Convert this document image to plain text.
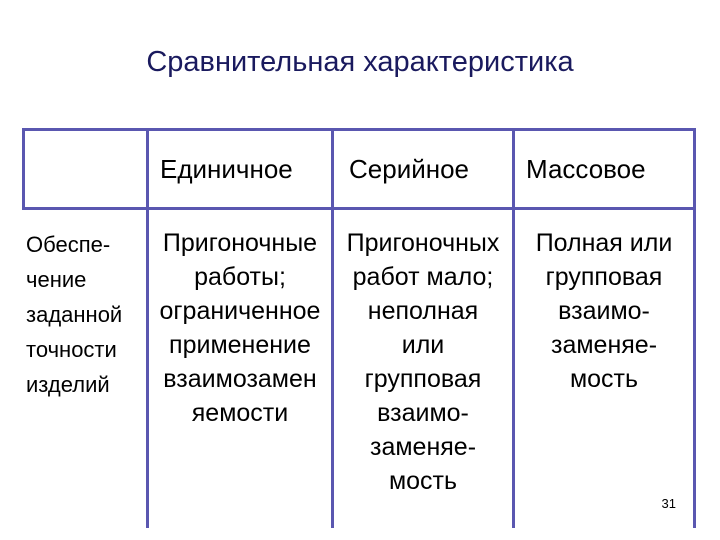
Сравнительная характеристика
Единичное Серийное Массовое
Обеспе-
чение
заданной
точности
изделий
Пригоночные
работы;
ограниченное
применение
взаимозамен
яемости
Пригоночных
работ мало;
неполная
или
групповая
взаимо-
заменяе-
мость
Полная или
групповая
взаимо-
заменяе-
мость
31
